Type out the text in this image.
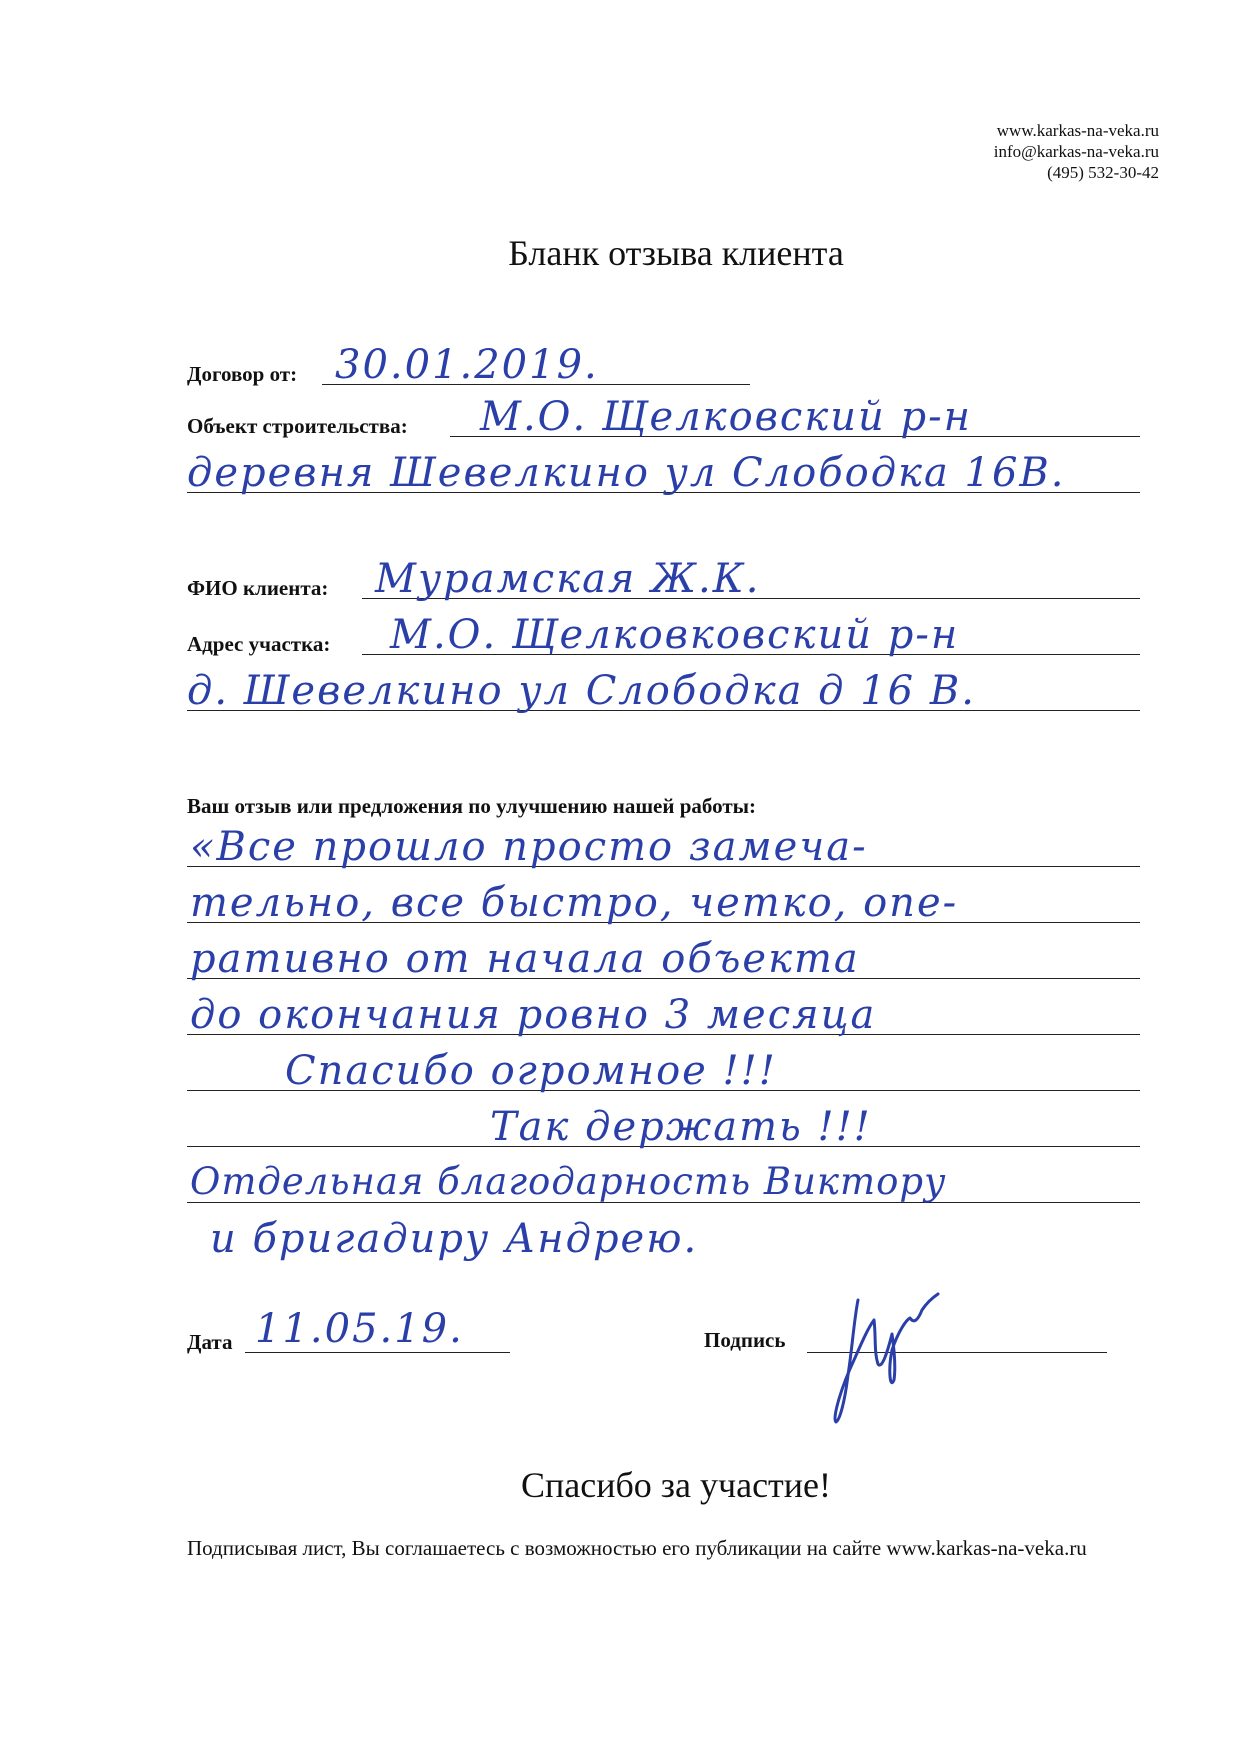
www.karkas-na-veka.ru
info@karkas-na-veka.ru
(495) 532-30-42
Бланк отзыва клиента
Договор от: 30.01.2019.
Объект строительства: М.О. Щелковский р-н
деревня Шевелкино ул Слободка 16В.
ФИО клиента: Мурамская Ж.К.
Адрес участка: М.О. Щелковковский р-н
д. Шевелкино ул Слободка д 16 В.
Ваш отзыв или предложения по улучшению нашей работы:
«Все прошло просто замеча-
тельно, все быстро, четко, опе-
ративно от начала объекта
до окончания ровно 3 месяца
Спасибо огромное !!!
Так держать !!!
Отдельная благодарность Виктору
и бригадиру Андрею.
Дата 11.05.19.	Подпись
Спасибо за участие!
Подписывая лист, Вы соглашаетесь с возможностью его публикации на сайте www.karkas-na-veka.ru
